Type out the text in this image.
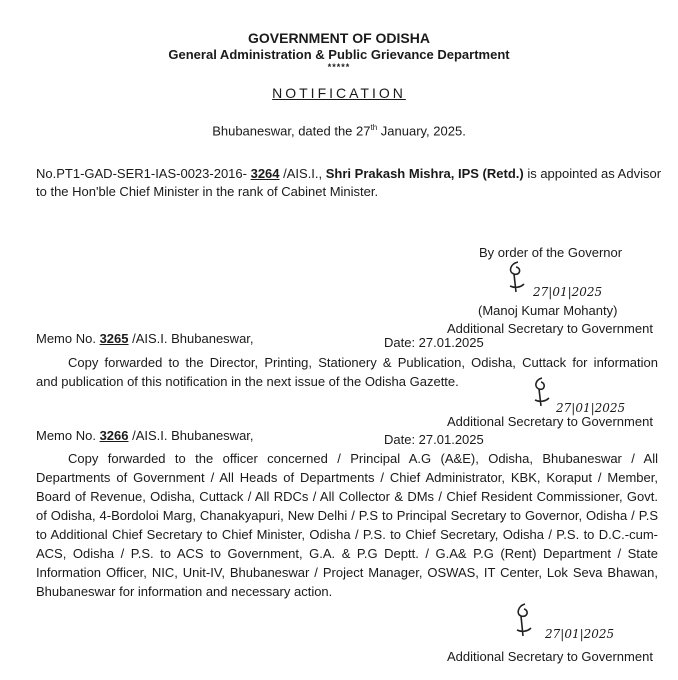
GOVERNMENT OF ODISHA
General Administration & Public Grievance Department
*****
NOTIFICATION
Bhubaneswar, dated the 27th January, 2025.
No.PT1-GAD-SER1-IAS-0023-2016- 3264 /AIS.I., Shri Prakash Mishra, IPS (Retd.) is appointed as Advisor
to the Hon'ble Chief Minister in the rank of Cabinet Minister.
By order of the Governor
27|01|2025
(Manoj Kumar Mohanty)
Additional Secretary to Government
Memo No. 3265 /AIS.I. Bhubaneswar,	Date: 27.01.2025
Copy forwarded to the Director, Printing, Stationery & Publication, Odisha, Cuttack for information
and publication of this notification in the next issue of the Odisha Gazette.
27|01|2025
Additional Secretary to Government
Memo No. 3266 /AIS.I. Bhubaneswar,	Date: 27.01.2025
Copy forwarded to the officer concerned / Principal A.G (A&E), Odisha, Bhubaneswar / All
Departments of Government / All Heads of Departments / Chief Administrator, KBK, Koraput / Member,
Board of Revenue, Odisha, Cuttack / All RDCs / All Collector & DMs / Chief Resident Commissioner, Govt.
of Odisha, 4-Bordoloi Marg, Chanakyapuri, New Delhi / P.S to Principal Secretary to Governor, Odisha / P.S
to Additional Chief Secretary to Chief Minister, Odisha / P.S. to Chief Secretary, Odisha / P.S. to D.C.-cum-
ACS, Odisha / P.S. to ACS to Government, G.A. & P.G Deptt. / G.A& P.G (Rent) Department / State
Information Officer, NIC, Unit-IV, Bhubaneswar / Project Manager, OSWAS, IT Center, Lok Seva Bhawan,
Bhubaneswar for information and necessary action.
27|01|2025
Additional Secretary to Government
